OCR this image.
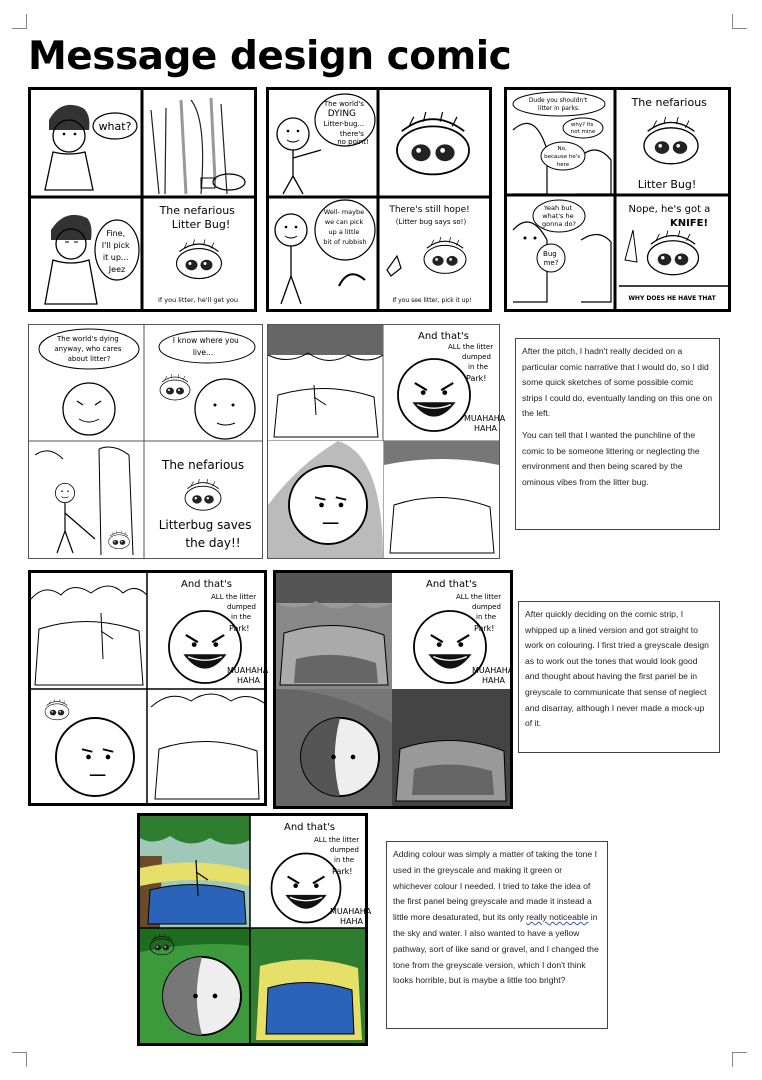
Message design comic
what?
Fine, I'll pick it up... Jeez
The nefarious Litter Bug!
If you litter, he'll get you
The world's DYING Litter-bug... there's no point!
Well- maybe we can pick up a little bit of rubbish
There's still hope! (Litter bug says so!)
If you see litter, pick it up!
Dude you shouldn't litter in parks.
why? Its not mine
No, because he's here
The nefarious Litter Bug!
Yeah but what's he gonna do?
Bug me?
Nope, he's got a KNIFE!
WHY DOES HE HAVE THAT
The world's dying anyway, who cares about litter?
I know where you live...
The nefarious Litterbug saves the day!!
And that's ALL the litter dumped in the Park! MUAHAHA HAHA

After the pitch, I hadn't really decided on a particular comic narrative that I would do, so I did some quick sketches of some possible comic strips I could do, eventually landing on this one on the left.

You can tell that I wanted the punchline of the comic to be someone littering or neglecting the environment and then being scared by the ominous vibes from the litter bug.

And that's ALL the litter dumped in the Park! MUAHAHA HAHA
And that's ALL the litter dumped in the Park! MUAHAHA HAHA

After quickly deciding on the comic strip, I whipped up a lined version and got straight to work on colouring. I first tried a greyscale design as to work out the tones that would look good and thought about having the first panel be in greyscale to communicate that sense of neglect and disarray, although I never made a mock-up of it.

And that's ALL the litter dumped in the Park! MUAHAHA HAHA

Adding colour was simply a matter of taking the tone I used in the greyscale and making it green or whichever colour I needed. I tried to take the idea of the first panel being greyscale and made it instead a little more desaturated, but its only really noticeable in the sky and water. I also wanted to have a yellow pathway, sort of like sand or gravel, and I changed the tone from the greyscale version, which I don't think looks horrible, but is maybe a little too bright?
